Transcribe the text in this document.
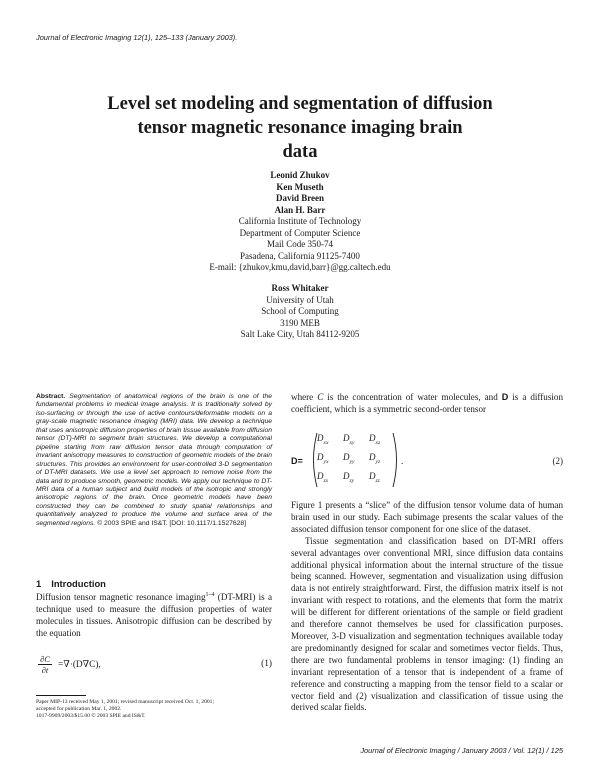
Journal of Electronic Imaging 12(1), 125–133 (January 2003).
Level set modeling and segmentation of diffusion
tensor magnetic resonance imaging brain
data
Leonid Zhukov
Ken Museth
David Breen
Alan H. Barr
California Institute of Technology
Department of Computer Science
Mail Code 350-74
Pasadena, California 91125-7400
E-mail: {zhukov,kmu,david,barr}@gg.caltech.edu
Ross Whitaker
University of Utah
School of Computing
3190 MEB
Salt Lake City, Utah 84112-9205
Abstract. Segmentation of anatomical regions of the brain is one of the fundamental problems in medical image analysis. It is traditionally solved by iso-surfacing or through the use of active contours/deformable models on a gray-scale magnetic resonance imaging (MRI) data. We develop a technique that uses anisotropic diffusion properties of brain tissue available from diffusion tensor (DT)-MRI to segment brain structures. We develop a computational pipeline starting from raw diffusion tensor data through computation of invariant anisotropy measures to construction of geometric models of the brain structures. This provides an environment for user-controlled 3-D segmentation of DT-MRI datasets. We use a level set approach to remove noise from the data and to produce smooth, geometric models. We apply our technique to DT-MRI data of a human subject and build models of the isotropic and strongly anisotropic regions of the brain. Once geometric models have been constructed they can be combined to study spatial relationships and quantitatively analyzed to produce the volume and surface area of the segmented regions. © 2003 SPIE and IS&T. [DOI: 10.1117/1.1527628]
1 Introduction
Diffusion tensor magnetic resonance imaging$^{1-4}$ (DT-MRI) is a technique used to measure the diffusion properties of water molecules in tissues. Anisotropic diffusion can be described by the equation
∂C
∂t	=∇·(D∇C),	(1)
Paper MIP-13 received May 1, 2001; revised manuscript received Oct. 1, 2001;
accepted for publication Mar. 1, 2002.
1017-9909/2003/$15.00 © 2003 SPIE and IS&T.
where C is the concentration of water molecules, and D is a diffusion coefficient, which is a symmetric second-order tensor
D=
$D_{xx}$	$D_{xy}$	$D_{xz}$
$D_{yx}$	$D_{yy}$	$D_{yz}$
$D_{zx}$	$D_{zy}$	$D_{zz}$
.	(2)

Figure 1 presents a “slice” of the diffusion tensor volume data of human brain used in our study. Each subimage presents the scalar values of the associated diffusion tensor component for one slice of the dataset.

Tissue segmentation and classification based on DT-MRI offers several advantages over conventional MRI, since diffusion data contains additional physical information about the internal structure of the tissue being scanned. However, segmentation and visualization using diffusion data is not entirely straightforward. First, the diffusion matrix itself is not invariant with respect to rotations, and the elements that form the matrix will be different for different orientations of the sample or field gradient and therefore cannot themselves be used for classification purposes. Moreover, 3-D visualization and segmentation techniques available today are predominantly designed for scalar and sometimes vector fields. Thus, there are two fundamental problems in tensor imaging: (1) finding an invariant representation of a tensor that is independent of a frame of reference and constructing a mapping from the tensor field to a scalar or vector field and (2) visualization and classification of tissue using the derived scalar fields.

Journal of Electronic Imaging / January 2003 / Vol. 12(1) / 125
